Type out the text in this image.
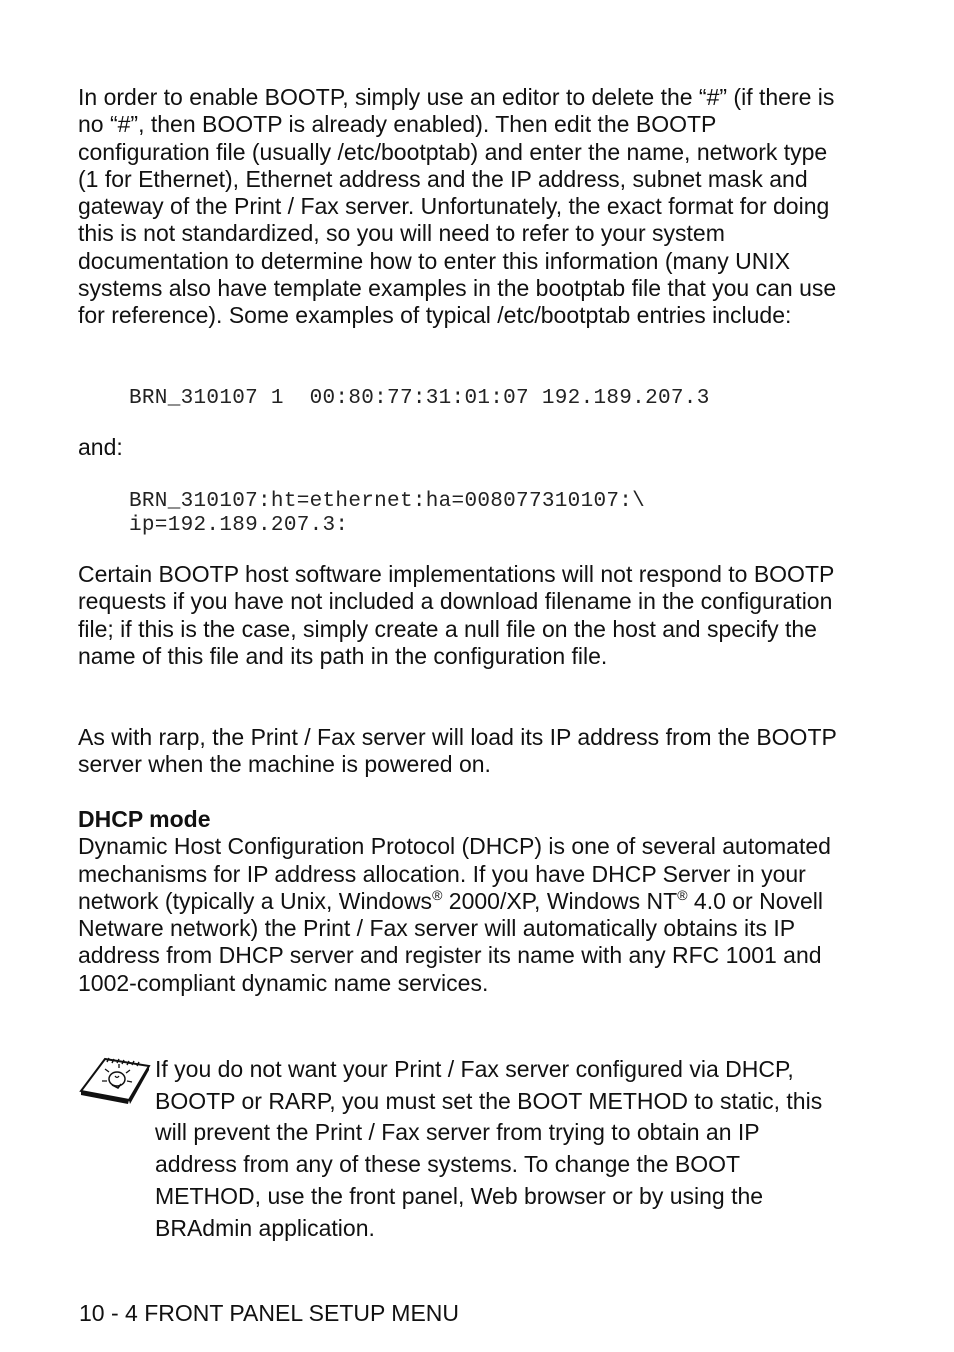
In order to enable BOOTP, simply use an editor to delete the “#” (if there is no “#”, then BOOTP is already enabled). Then edit the BOOTP configuration file (usually /etc/bootptab) and enter the name, network type (1 for Ethernet), Ethernet address and the IP address, subnet mask and gateway of the Print / Fax server. Unfortunately, the exact format for doing this is not standardized, so you will need to refer to your system documentation to determine how to enter this information (many UNIX systems also have template examples in the bootptab file that you can use for reference). Some examples of typical /etc/bootptab entries include:

BRN_310107 1  00:80:77:31:01:07 192.189.207.3

and:

BRN_310107:ht=ethernet:ha=008077310107:\

ip=192.189.207.3:

Certain BOOTP host software implementations will not respond to BOOTP requests if you have not included a download filename in the configuration file; if this is the case, simply create a null file on the host and specify the name of this file and its path in the configuration file.

As with rarp, the Print / Fax server will load its IP address from the BOOTP server when the machine is powered on.

DHCP mode
Dynamic Host Configuration Protocol (DHCP) is one of several automated mechanisms for IP address allocation. If you have DHCP Server in your network (typically a Unix, Windows® 2000/XP, Windows NT® 4.0 or Novell Netware network) the Print / Fax server will automatically obtains its IP address from DHCP server and register its name with any RFC 1001 and 1002-compliant dynamic name services.

If you do not want your Print / Fax server configured via DHCP, BOOTP or RARP, you must set the BOOT METHOD to static, this will prevent the Print / Fax server from trying to obtain an IP address from any of these systems. To change the BOOT METHOD, use the front panel, Web browser or by using the BRAdmin application.

10 - 4 FRONT PANEL SETUP MENU
